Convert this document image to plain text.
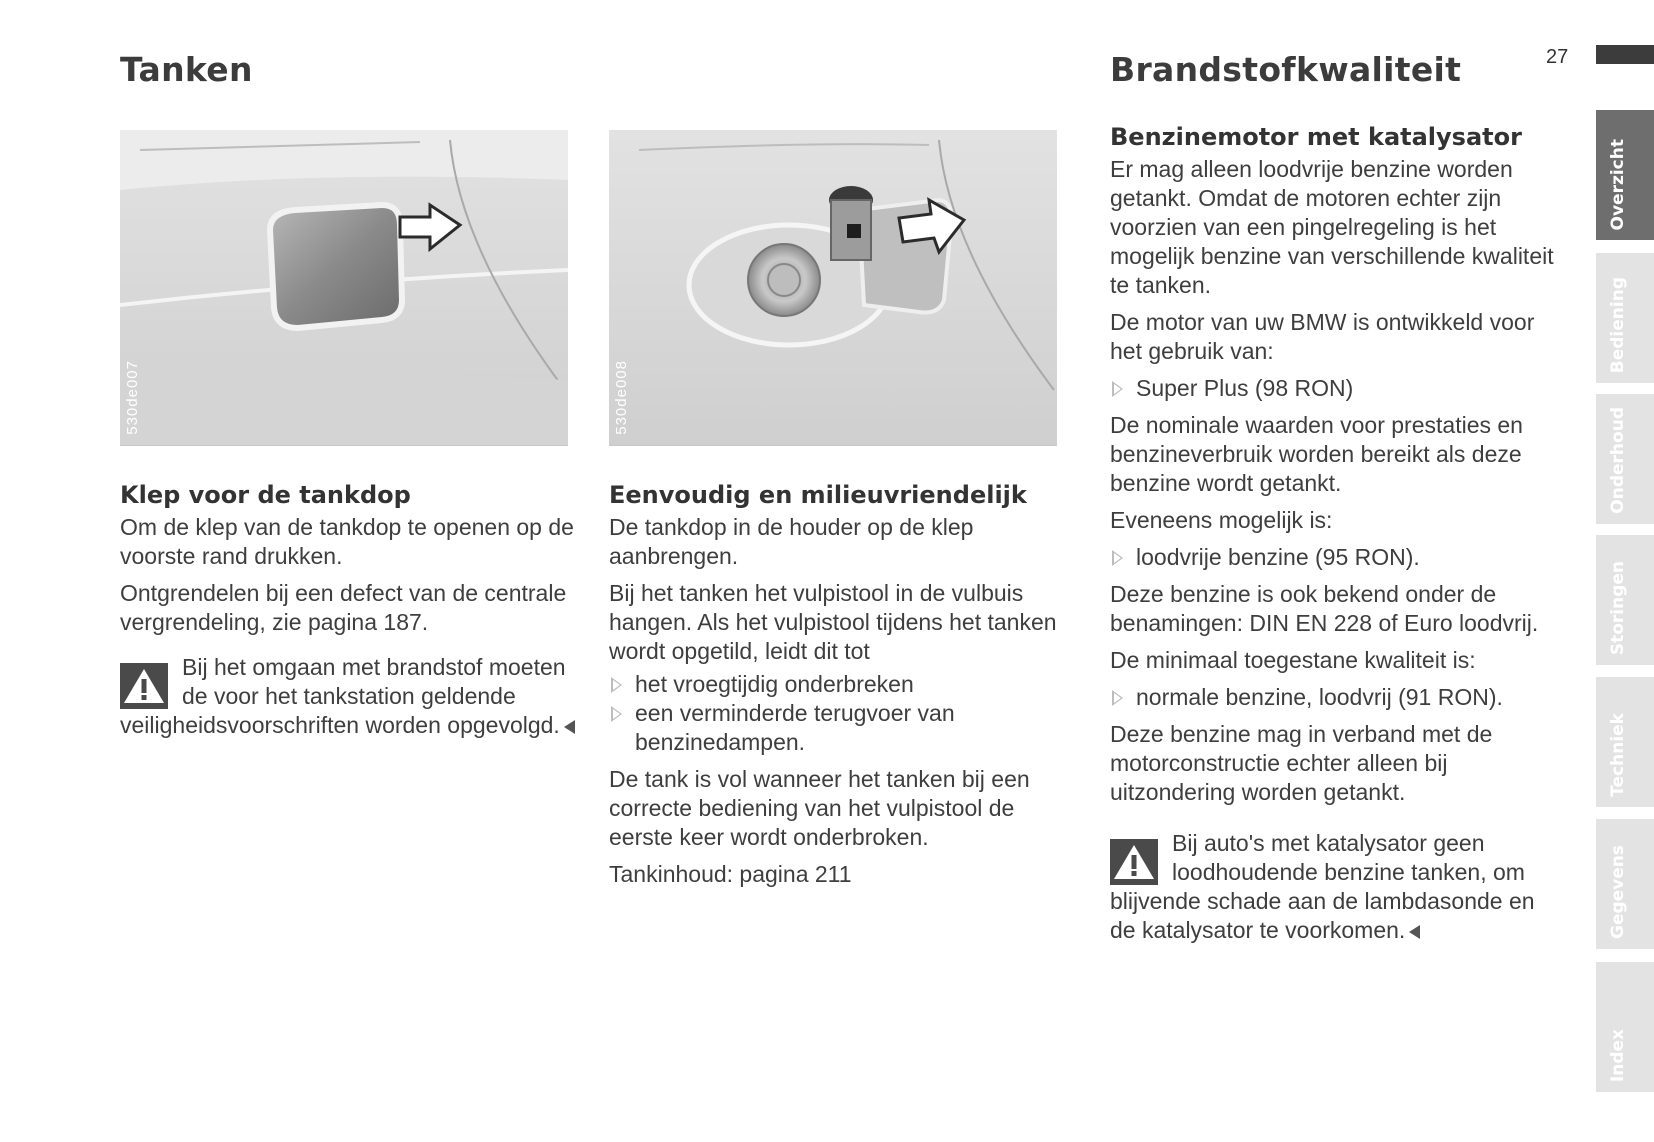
Tanken	Brandstofkwaliteit	27
530de007	530de008
Klep voor de tankdop

Om de klep van de tankdop te openen op de voorste rand drukken.

Ontgrendelen bij een defect van de centrale vergrendeling, zie pagina 187.

Bij het omgaan met brandstof moeten de voor het tankstation geldende veiligheidsvoorschriften worden opgevolgd.
Eenvoudig en milieuvriendelijk

De tankdop in de houder op de klep aanbrengen.

Bij het tanken het vulpistool in de vulbuis hangen. Als het vulpistool tijdens het tanken wordt opgetild, leidt dit tot

het vroegtijdig onderbreken
een verminderde terugvoer van benzinedampen.

De tank is vol wanneer het tanken bij een correcte bediening van het vulpistool de eerste keer wordt onderbroken.

Tankinhoud: pagina 211

Benzinemotor met katalysator

Er mag alleen loodvrije benzine worden getankt. Omdat de motoren echter zijn voorzien van een pingelregeling is het mogelijk benzine van verschillende kwaliteit te tanken.

De motor van uw BMW is ontwikkeld voor het gebruik van:

Super Plus (98 RON)

De nominale waarden voor prestaties en benzineverbruik worden bereikt als deze benzine wordt getankt.

Eveneens mogelijk is:

loodvrije benzine (95 RON).

Deze benzine is ook bekend onder de benamingen: DIN EN 228 of Euro loodvrij.

De minimaal toegestane kwaliteit is:

normale benzine, loodvrij (91 RON).

Deze benzine mag in verband met de motorconstructie echter alleen bij uitzondering worden getankt.

Bij auto's met katalysator geen loodhoudende benzine tanken, om blijvende schade aan de lambdasonde en de katalysator te voorkomen.
Overzicht
Bediening
Onderhoud
Storingen
Techniek
Gegevens
Index
